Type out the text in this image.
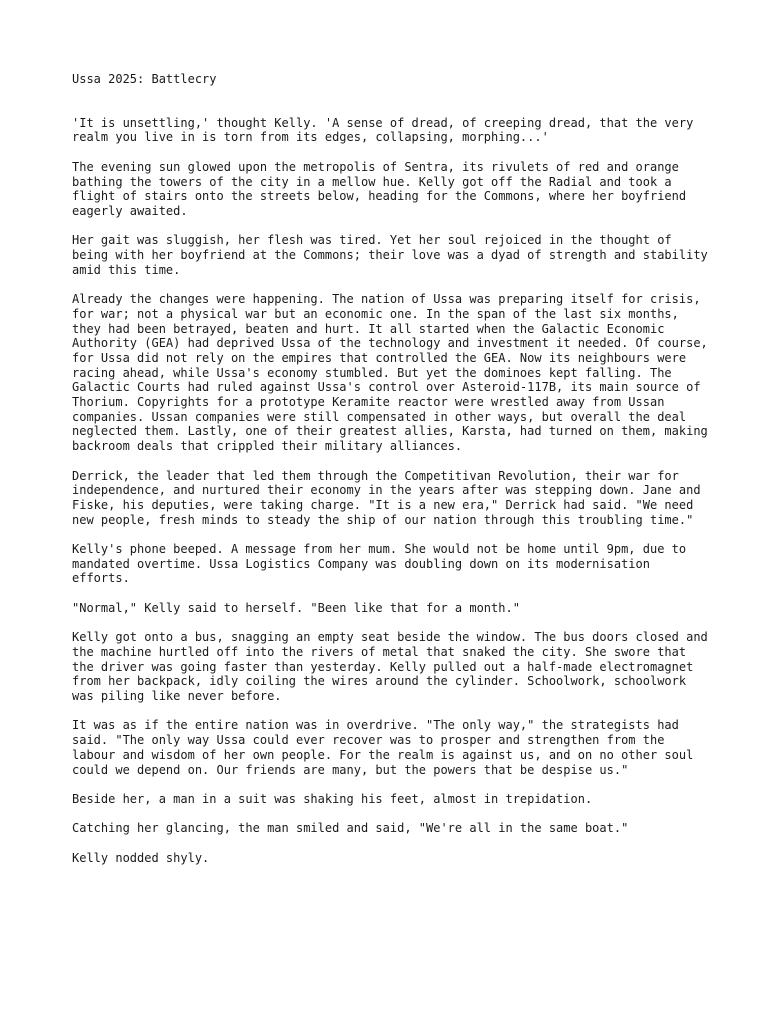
Ussa 2025: Battlecry

'It is unsettling,' thought Kelly. 'A sense of dread, of creeping dread, that the very realm you live in is torn from its edges, collapsing, morphing...'

The evening sun glowed upon the metropolis of Sentra, its rivulets of red and orange bathing the towers of the city in a mellow hue. Kelly got off the Radial and took a flight of stairs onto the streets below, heading for the Commons, where her boyfriend eagerly awaited.

Her gait was sluggish, her flesh was tired. Yet her soul rejoiced in the thought of being with her boyfriend at the Commons; their love was a dyad of strength and stability amid this time.

Already the changes were happening. The nation of Ussa was preparing itself for crisis, for war; not a physical war but an economic one. In the span of the last six months, they had been betrayed, beaten and hurt. It all started when the Galactic Economic Authority (GEA) had deprived Ussa of the technology and investment it needed. Of course, for Ussa did not rely on the empires that controlled the GEA. Now its neighbours were racing ahead, while Ussa's economy stumbled. But yet the dominoes kept falling. The Galactic Courts had ruled against Ussa's control over Asteroid-117B, its main source of Thorium. Copyrights for a prototype Keramite reactor were wrestled away from Ussan companies. Ussan companies were still compensated in other ways, but overall the deal neglected them. Lastly, one of their greatest allies, Karsta, had turned on them, making backroom deals that crippled their military alliances.

Derrick, the leader that led them through the Competitivan Revolution, their war for independence, and nurtured their economy in the years after was stepping down. Jane and Fiske, his deputies, were taking charge. "It is a new era," Derrick had said. "We need new people, fresh minds to steady the ship of our nation through this troubling time."

Kelly's phone beeped. A message from her mum. She would not be home until 9pm, due to mandated overtime. Ussa Logistics Company was doubling down on its modernisation efforts.

"Normal," Kelly said to herself. "Been like that for a month."

Kelly got onto a bus, snagging an empty seat beside the window. The bus doors closed and the machine hurtled off into the rivers of metal that snaked the city. She swore that the driver was going faster than yesterday. Kelly pulled out a half-made electromagnet from her backpack, idly coiling the wires around the cylinder. Schoolwork, schoolwork was piling like never before.

It was as if the entire nation was in overdrive. "The only way," the strategists had said. "The only way Ussa could ever recover was to prosper and strengthen from the labour and wisdom of her own people. For the realm is against us, and on no other soul could we depend on. Our friends are many, but the powers that be despise us."

Beside her, a man in a suit was shaking his feet, almost in trepidation.

Catching her glancing, the man smiled and said, "We're all in the same boat."

Kelly nodded shyly.
